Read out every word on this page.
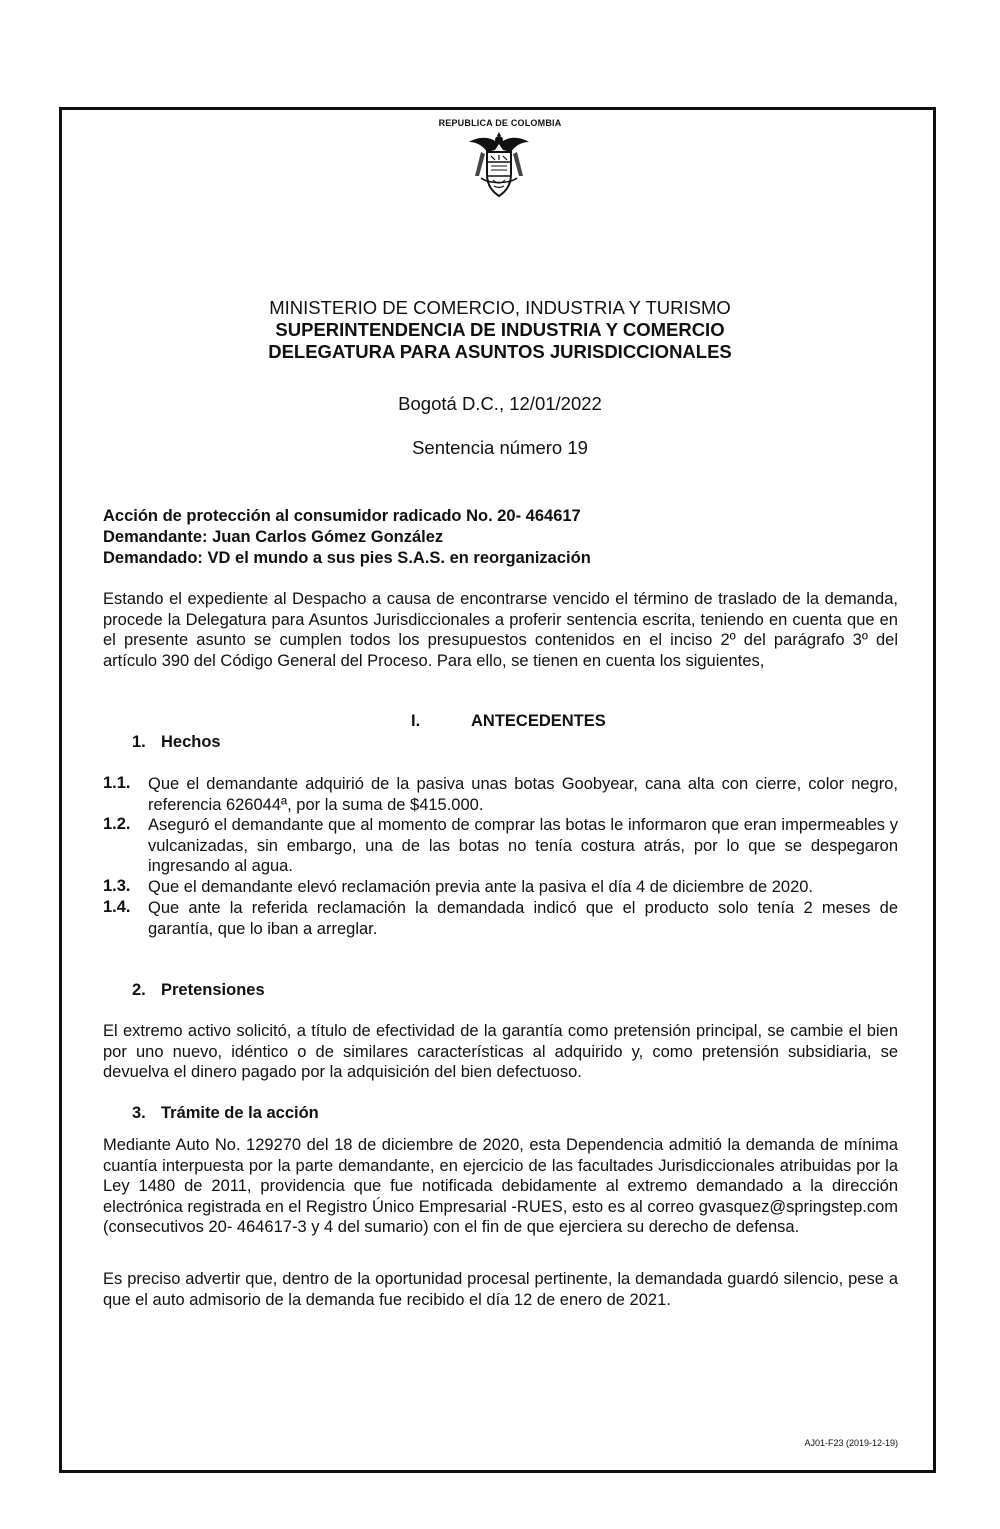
REPUBLICA DE COLOMBIA
MINISTERIO DE COMERCIO, INDUSTRIA Y TURISMO
SUPERINTENDENCIA DE INDUSTRIA Y COMERCIO
DELEGATURA PARA ASUNTOS JURISDICCIONALES
Bogotá D.C., 12/01/2022
Sentencia número 19
Acción de protección al consumidor radicado No. 20- 464617
Demandante: Juan Carlos Gómez González
Demandado: VD el mundo a sus pies S.A.S. en reorganización
Estando el expediente al Despacho a causa de encontrarse vencido el término de traslado de la demanda, procede la Delegatura para Asuntos Jurisdiccionales a proferir sentencia escrita, teniendo en cuenta que en el presente asunto se cumplen todos los presupuestos contenidos en el inciso 2º del parágrafo 3º del artículo 390 del Código General del Proceso. Para ello, se tienen en cuenta los siguientes,
I.	ANTECEDENTES
1. Hechos
1.1. Que el demandante adquirió de la pasiva unas botas Goobyear, cana alta con cierre, color negro, referencia 626044ª, por la suma de $415.000.
1.2. Aseguró el demandante que al momento de comprar las botas le informaron que eran impermeables y vulcanizadas, sin embargo, una de las botas no tenía costura atrás, por lo que se despegaron ingresando al agua.
1.3. Que el demandante elevó reclamación previa ante la pasiva el día 4 de diciembre de 2020.
1.4. Que ante la referida reclamación la demandada indicó que el producto solo tenía 2 meses de garantía, que lo iban a arreglar.
2. Pretensiones
El extremo activo solicitó, a título de efectividad de la garantía como pretensión principal, se cambie el bien por uno nuevo, idéntico o de similares características al adquirido y, como pretensión subsidiaria, se devuelva el dinero pagado por la adquisición del bien defectuoso.
3. Trámite de la acción
Mediante Auto No. 129270 del 18 de diciembre de 2020, esta Dependencia admitió la demanda de mínima cuantía interpuesta por la parte demandante, en ejercicio de las facultades Jurisdiccionales atribuidas por la Ley 1480 de 2011, providencia que fue notificada debidamente al extremo demandado a la dirección electrónica registrada en el Registro Único Empresarial -RUES, esto es al correo gvasquez@springstep.com (consecutivos 20- 464617-3 y 4 del sumario) con el fin de que ejerciera su derecho de defensa.
Es preciso advertir que, dentro de la oportunidad procesal pertinente, la demandada guardó silencio, pese a que el auto admisorio de la demanda fue recibido el día 12 de enero de 2021.
AJ01-F23 (2019-12-19)
